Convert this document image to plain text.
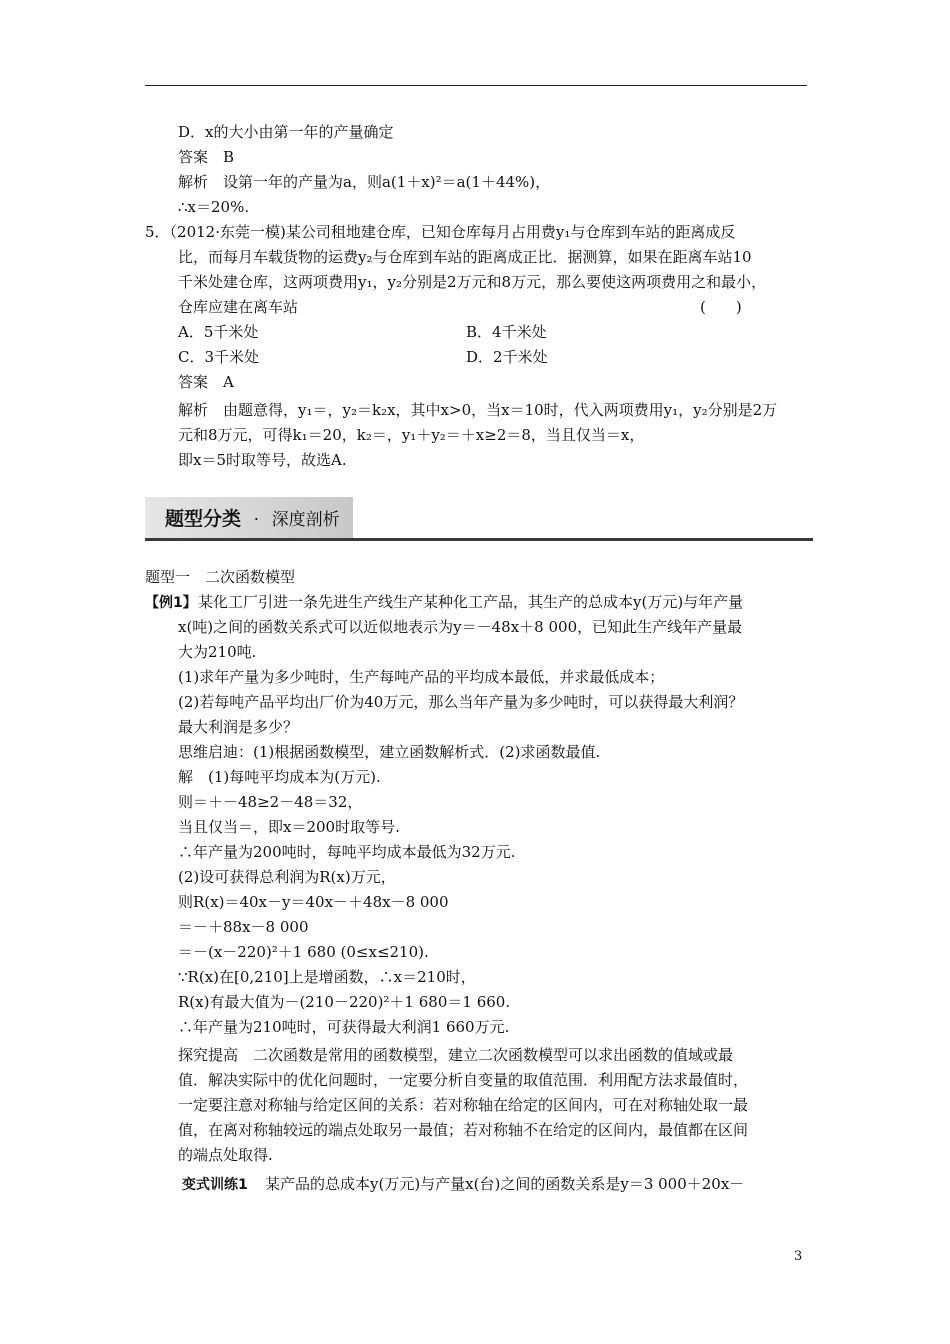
D．x的大小由第一年的产量确定
答案　B
解析　设第一年的产量为a，则a(1＋x)²＝a(1＋44%)，
∴x＝20%.
5．（2012·东莞一模)某公司租地建仓库，已知仓库每月占用费y₁与仓库到车站的距离成反
比，而每月车载货物的运费y₂与仓库到车站的距离成正比．据测算，如果在距离车站10
千米处建仓库，这两项费用y₁，y₂分别是2万元和8万元，那么要使这两项费用之和最小，
仓库应建在离车站	(　　)
A．5千米处	B．4千米处
C．3千米处	D．2千米处
答案　A
解析　由题意得，y₁＝，y₂＝k₂x，其中x>0，当x＝10时，代入两项费用y₁，y₂分别是2万
元和8万元，可得k₁＝20，k₂＝，y₁＋y₂＝＋x≥2＝8，当且仅当＝x，
即x＝5时取等号，故选A.
题型分类 · 深度剖析
题型一　二次函数模型
【例1】 某化工厂引进一条先进生产线生产某种化工产品，其生产的总成本y(万元)与年产量
x(吨)之间的函数关系式可以近似地表示为y＝－48x＋8 000，已知此生产线年产量最
大为210吨.
(1)求年产量为多少吨时，生产每吨产品的平均成本最低，并求最低成本；
(2)若每吨产品平均出厂价为40万元，那么当年产量为多少吨时，可以获得最大利润？
最大利润是多少？
思维启迪：(1)根据函数模型，建立函数解析式．(2)求函数最值.
解　(1)每吨平均成本为(万元).
则＝＋－48≥2－48＝32，
当且仅当＝，即x＝200时取等号.
∴年产量为200吨时，每吨平均成本最低为32万元.
(2)设可获得总利润为R(x)万元，
则R(x)＝40x－y＝40x－＋48x－8 000
＝－＋88x－8 000
＝－(x－220)²＋1 680 (0≤x≤210).
∵R(x)在[0,210]上是增函数，∴x＝210时，
R(x)有最大值为－(210－220)²＋1 680＝1 660.
∴年产量为210吨时，可获得最大利润1 660万元.
探究提高　二次函数是常用的函数模型，建立二次函数模型可以求出函数的值域或最
值．解决实际中的优化问题时，一定要分析自变量的取值范围．利用配方法求最值时，
一定要注意对称轴与给定区间的关系：若对称轴在给定的区间内，可在对称轴处取一最
值，在离对称轴较远的端点处取另一最值；若对称轴不在给定的区间内，最值都在区间
的端点处取得.
变式训练1 某产品的总成本y(万元)与产量x(台)之间的函数关系是y＝3 000＋20x－
3
